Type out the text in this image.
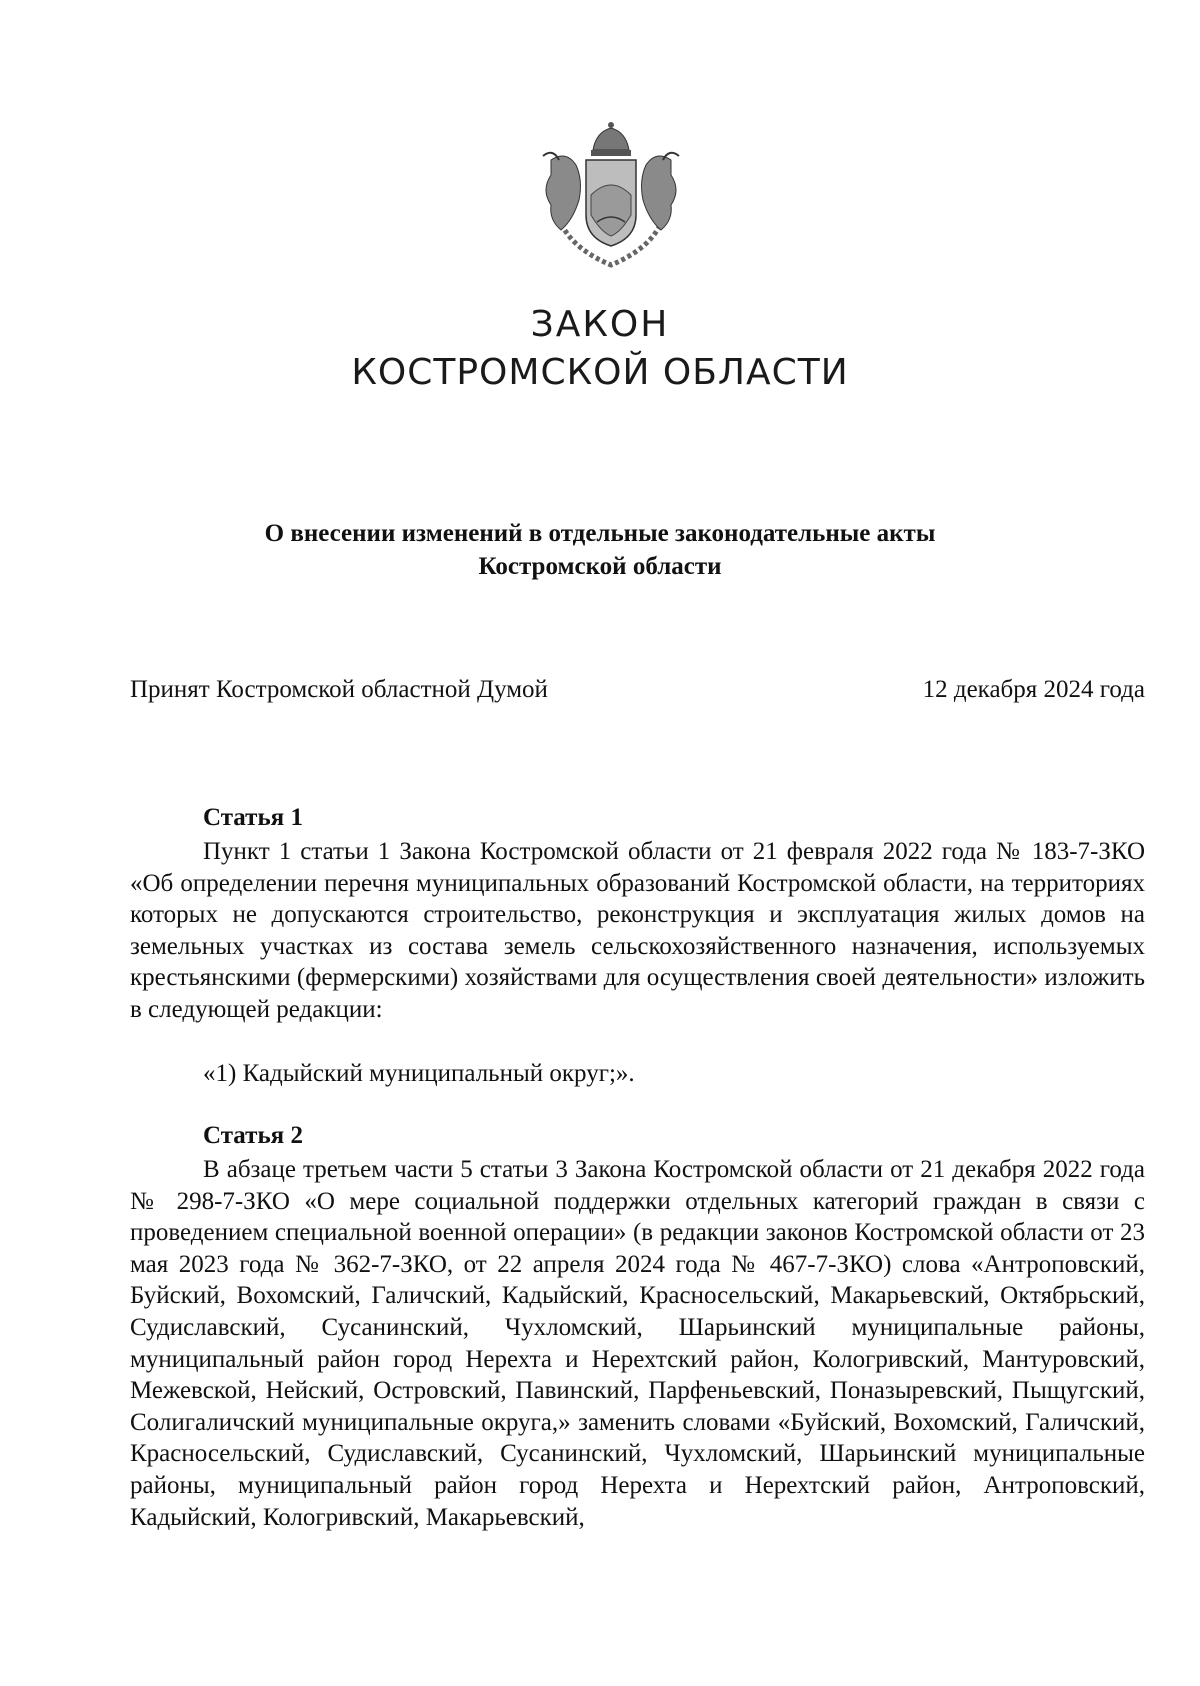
ЗАКОН
КОСТРОМСКОЙ ОБЛАСТИ
О внесении изменений в отдельные законодательные акты
Костромской области
Принят Костромской областной Думой	12 декабря 2024 года
Статья 1

Пункт 1 статьи 1 Закона Костромской области от 21 февраля 2022 года № 183-7-ЗКО «Об определении перечня муниципальных образований Костромской области, на территориях которых не допускаются строительство, реконструкция и эксплуатация жилых домов на земельных участках из состава земель сельскохозяйственного назначения, используемых крестьянскими (фермерскими) хозяйствами для осуществления своей деятельности» изложить в следующей редакции:

«1) Кадыйский муниципальный округ;».
Статья 2

В абзаце третьем части 5 статьи 3 Закона Костромской области от 21 декабря 2022 года № 298-7-ЗКО «О мере социальной поддержки отдельных категорий граждан в связи с проведением специальной военной операции» (в редакции законов Костромской области от 23 мая 2023 года № 362-7-ЗКО, от 22 апреля 2024 года № 467-7-ЗКО) слова «Антроповский, Буйский, Вохомский, Галичский, Кадыйский, Красносельский, Макарьевский, Октябрьский, Судиславский, Сусанинский, Чухломский, Шарьинский муниципальные районы, муниципальный район город Нерехта и Нерехтский район, Кологривский, Мантуровский, Межевской, Нейский, Островский, Павинский, Парфеньевский, Поназыревский, Пыщугский, Солигаличский муниципальные округа,» заменить словами «Буйский, Вохомский, Галичский, Красносельский, Судиславский, Сусанинский, Чухломский, Шарьинский муниципальные районы, муниципальный район город Нерехта и Нерехтский район, Антроповский, Кадыйский, Кологривский, Макарьевский,
